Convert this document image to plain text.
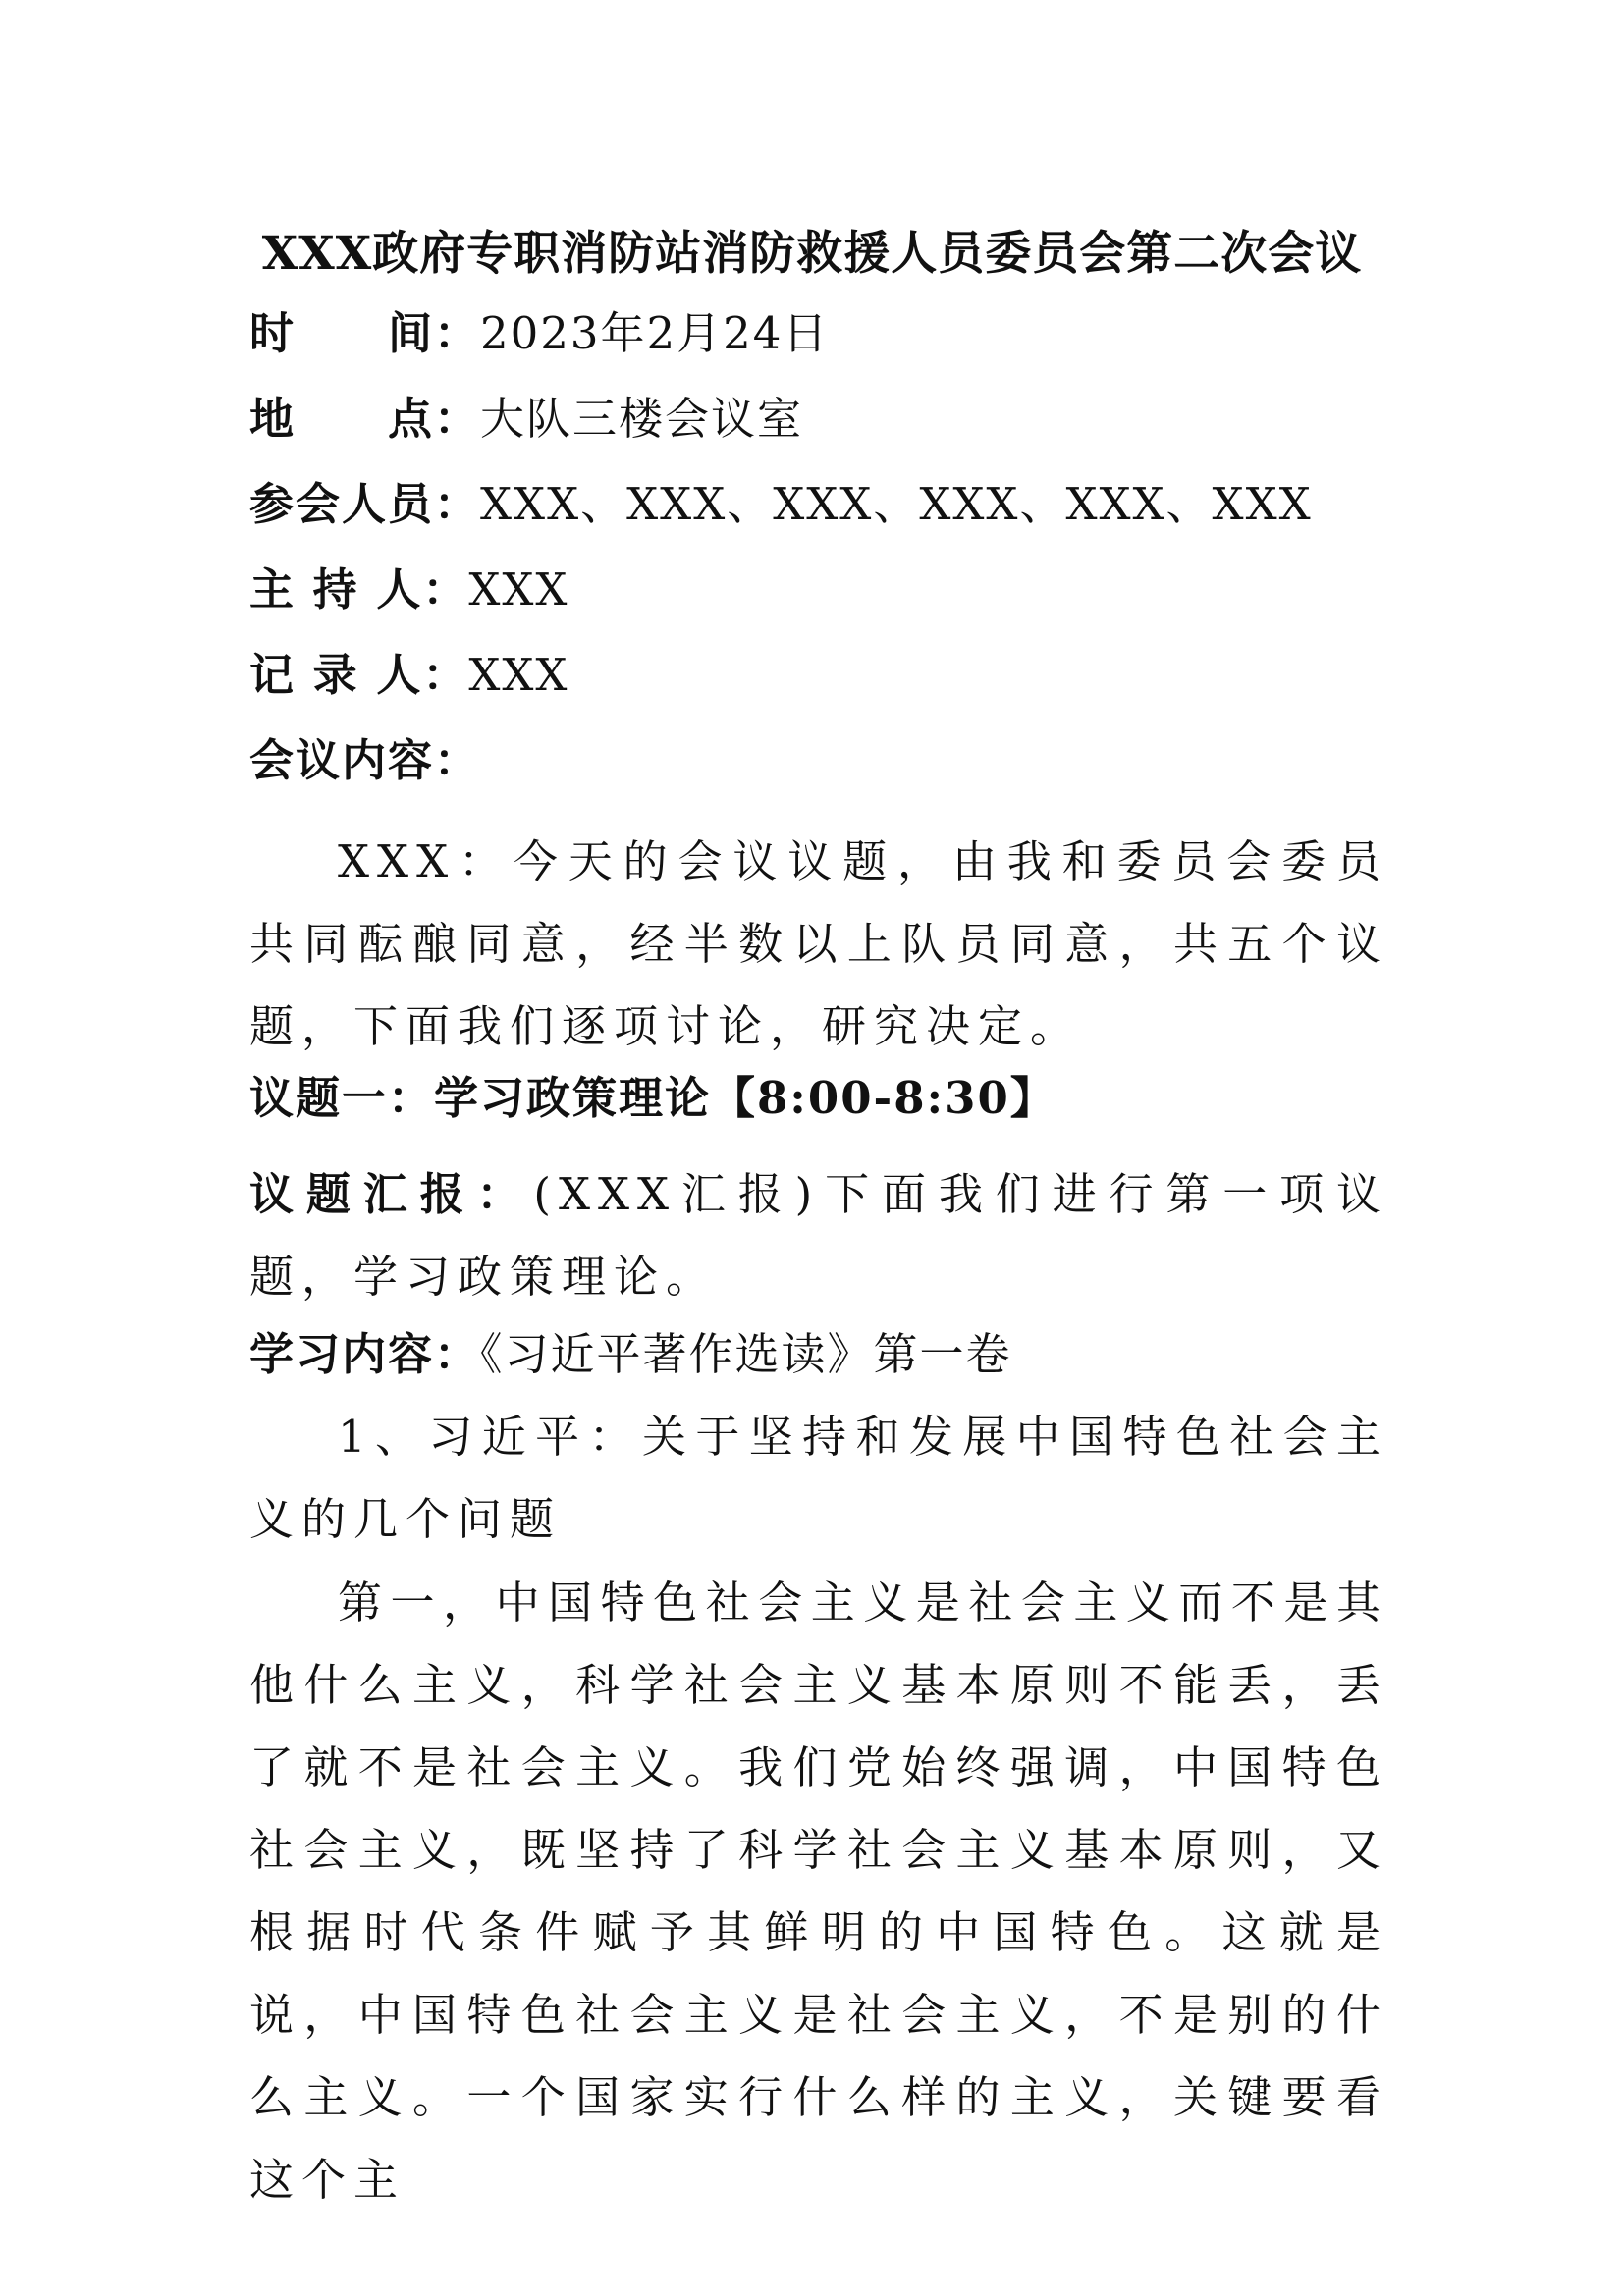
XXX政府专职消防站消防救援人员委员会第二次会议
时　　间：2023年2月24日
地　　点：大队三楼会议室
参会人员：XXX、XXX、XXX、XXX、XXX、XXX
主 持 人：XXX
记 录 人：XXX
会议内容：
XXX：今天的会议议题，由我和委员会委员共同酝酿同意，经半数以上队员同意，共五个议题，下面我们逐项讨论，研究决定。
议题一：学习政策理论【8:00-8:30】
议题汇报：(XXX汇报)下面我们进行第一项议题，学习政策理论。
学习内容：《习近平著作选读》第一卷
1、习近平：关于坚持和发展中国特色社会主义的几个问题
第一，中国特色社会主义是社会主义而不是其他什么主义，科学社会主义基本原则不能丢，丢了就不是社会主义。我们党始终强调，中国特色社会主义，既坚持了科学社会主义基本原则，又根据时代条件赋予其鲜明的中国特色。这就是说，中国特色社会主义是社会主义，不是别的什么主义。一个国家实行什么样的主义，关键要看这个主
